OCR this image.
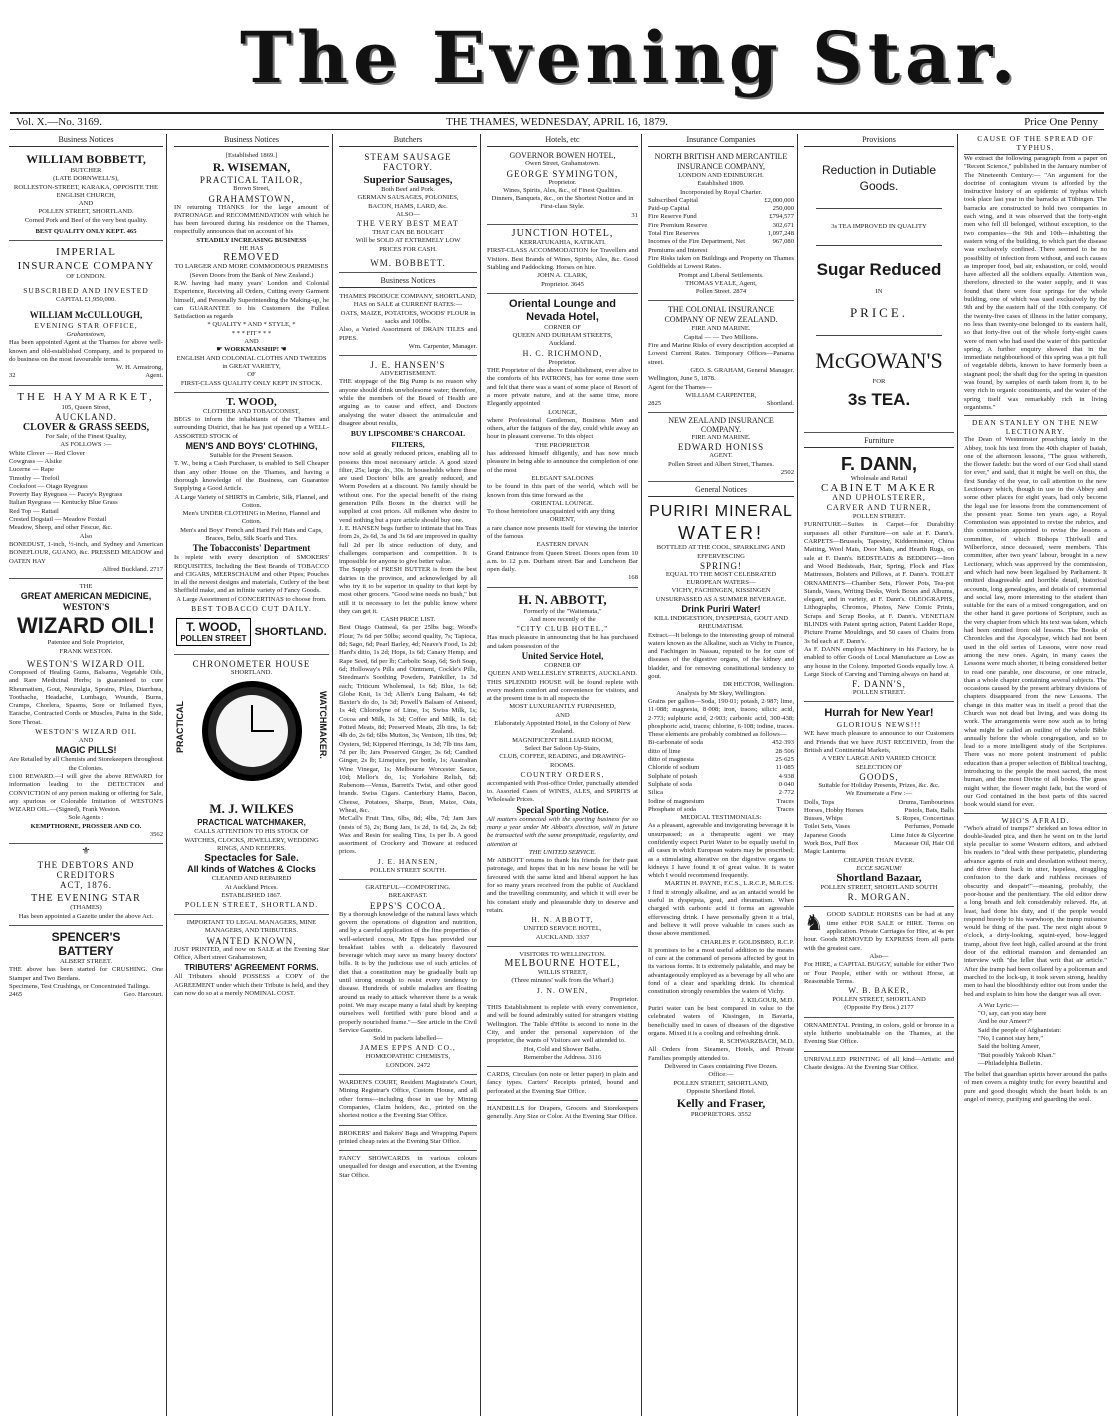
The Evening Star.
Vol. X.—No. 3169.	THE THAMES, WEDNESDAY, APRIL 16, 1879.	Price One Penny
Business Notices
WILLIAM BOBBETT,
BUTCHER
(LATE DORNWELL'S),
ROLLESTON-STREET, KARAKA, OPPOSITE THE ENGLISH CHURCH,
AND
POLLEN STREET, SHORTLAND.
Corned Pork and Beef of the very best quality.
BEST QUALITY ONLY KEPT. 465
IMPERIAL
INSURANCE COMPANY
OF LONDON.
SUBSCRIBED AND INVESTED
CAPITAL £1,950,000.
WILLIAM McCULLOUGH,
EVENING STAR OFFICE,
Grahamstown,
Has been appointed Agent at the Thames for above well-known and old-established Company, and is prepared to do business on the most favourable terms.
W. H. Armstrong,
32	Agent.
THE HAYMARKET,
105, Queen Street,
AUCKLAND.
CLOVER & GRASS SEEDS,
For Sale, of the Finest Quality,
AS FOLLOWS :—
White Clover — Red Clover
Cowgrass — Alsike
Lucerne — Rape
Timothy — Trefoil
Cocksfoot — Otago Ryegrass
Poverty Bay Ryegrass — Pacey's Ryegrass
Italian Ryegrass — Kentucky Blue Grass
Red Top — Rattail
Crested Dogstail — Meadow Foxtail
Meadow, Sheep, and other Fescue, &c.
Also
BONEDUST, 1-inch, ½-inch, and Sydney and American BONEFLOUR, GUANO, &c. PRESSED MEADOW and OATEN HAY
Alfred Buckland. 2717
THE
GREAT AMERICAN MEDICINE,
WESTON'S
WIZARD OIL!
Patentee and Sole Proprietor,
FRANK WESTON.
WESTON'S WIZARD OIL
Composed of Healing Gums, Balsams, Vegetable Oils, and Rare Medicinal Herbs; is guaranteed to cure Rheumatism, Gout, Neuralgia, Sprains, Piles, Diarrhœa, Toothache, Headache, Lumbago, Wounds, Burns, Cramps, Chorlera, Spasms, Sore or Inflamed Eyes, Earache, Contracted Cords or Muscles, Pains in the Side, Sore Throat.
WESTON'S WIZARD OIL
AND
MAGIC PILLS!
Are Retailed by all Chemists and Storekeepers throughout the Colonies.
£100 REWARD.—I will give the above REWARD for information leading to the DETECTION and CONVICTION of any person making or offering for Sale, any spurious or Colorable Imitation of WESTON'S WIZARD OIL.—(Signed), Frank Weston.
Sole Agents :
KEMPTHORNE, PROSSER AND CO.
3562
⚜
THE DEBTORS AND CREDITORS
ACT, 1876.
THE EVENING STAR
(THAMES)
Has been appointed a Gazette under the above Act.
SPENCER'S
BATTERY
ALBERT STREET.
THE above has been started for CRUSHING. One Stamper and Two Berdans.
Specimens, Test Crushings, or Concentrated Tailings.
2465	Geo. Harcourt.
Business Notices
[Established 1869.]
R. WISEMAN,
PRACTICAL TAILOR,
Brown Street,
GRAHAMSTOWN,
IN returning THANKS for the large amount of PATRONAGE and RECOMMENDATION with which he has been favoured during his residence on the Thames, respectfully announces that on account of his
STEADILY INCREASING BUSINESS
HE HAS
REMOVED
TO LARGER AND MORE COMMODIOUS PREMISES
(Seven Doors from the Bank of New Zealand.)
R.W. having had many years' London and Colonial Experience, Receiving all Orders, Cutting every Garment himself, and Personally Superintending the Making-up, he can GUARANTEE to his Customers the Fullest Satisfaction as regards
* QUALITY * AND * STYLE, *
* * * FIT * * *
AND
☛ WORKMANSHIP! ☚
ENGLISH AND COLONIAL CLOTHS AND TWEEDS in GREAT VARIETY,
OF
FIRST-CLASS QUALITY ONLY KEPT IN STOCK.
T. WOOD,
CLOTHIER AND TOBACCONIST,
BEGS to inform the inhabitants of the Thames and surrounding District, that he has just opened up a WELL-ASSORTED STOCK of
MEN'S AND BOYS' CLOTHING,
Suitable for the Present Season.
T. W., being a Cash Purchaser, is enabled to Sell Cheaper than any other House on the Thames, and having a thorough knowledge of the Business, can Guarantee Supplying a Good Article.
A Large Variety of SHIRTS in Cambric, Silk, Flannel, and Cotton.
Men's UNDER CLOTHING in Merino, Flannel and Cotton.
Men's and Boys' French and Hard Felt Hats and Caps, Braces, Belts, Silk Scarfs and Ties.
The Tobacconists' Department
Is replete with every description of SMOKERS' REQUISITES, Including the Best Brands of TOBACCO and CIGARS, MEERSCHAUM and other Pipes; Pouches in all the newest designs and materials, Cutlery of the best Sheffield make, and an infinite variety of Fancy Goods.
A Large Assortment of CONCERTINAS to choose from.
BEST TOBACCO CUT DAILY.
T. WOOD,
POLLEN STREET
SHORTLAND.
CHRONOMETER HOUSE
SHORTLAND.
PRACTICAL	WATCHMAKER.
M. J. WILKES
PRACTICAL WATCHMAKER,
CALLS ATTENTION TO HIS STOCK OF
WATCHES, CLOCKS, JEWELLERY, WEDDING RINGS, AND KEEPERS.
Spectacles for Sale.
All kinds of Watches & Clocks
CLEANED AND REPAIRED
At Auckland Prices.
ESTABLISHED 1867.
POLLEN STREET, SHORTLAND.
IMPORTANT TO LEGAL MANAGERS, MINE MANAGERS, AND TRIBUTERS.
WANTED KNOWN,
JUST PRINTED, and now on SALE at the Evening Star Office, Albert street Grahamstown,
TRIBUTERS' AGREEMENT FORMS.
All Tributers should POSSESS a COPY of the AGREEMENT under which their Tribute is held, and they can now do so at a merely NOMINAL COST.
Butchers
STEAM SAUSAGE FACTORY.
Superior Sausages,
Both Beef and Pork.
GERMAN SAUSAGES, POLONIES,
BACON, HAMS, LARD, &c.
ALSO—
THE VERY BEST MEAT
THAT CAN BE BOUGHT
Will be SOLD AT EXTREMELY LOW
PRICES FOR CASH.
WM. BOBBETT.
Business Notices
THAMES PRODUCE COMPANY, SHORTLAND,
HAS on SALE at CURRENT RATES:—
OATS, MAIZE, POTATOES, WOODS' FLOUR in sacks and 100lbs.
Also, a Varied Assortment of DRAIN TILES and PIPES.
Wm. Carpenter, Manager.
J. E. HANSEN'S
ADVERTISEMENT.
THE stoppage of the Big Pump is no reason why anyone should drink unwholesome water; therefore, while the members of the Board of Health are arguing as to cause and effect, and Doctors analysing the water dissect the animalculæ and disagree about results,
BUY LIPSCOMBE'S CHARCOAL FILTERS,
now sold at greatly reduced prices, enabling all to possess this most necessary article. A good sized filter, 25s; large do., 30s. In households where these are used Doctors' bills are greatly reduced, and Worm Powders at a discount. No family should be without one. For the special benefit of the rising generation Pills Boxes in the district will be supplied at cost prices. All milkmen who desire to vend nothing but a pure article should buy one.
J. E. HANSEN begs further to intimate that his Teas from 2s, 2s 6d, 3s and 3s 6d are improved in quality full 2d per lb since reduction of duty, and challenges comparison and competition. It is impossible for anyone to give better value.
The Supply of FRESH BUTTER is from the best dairies in the province, and acknowledged by all who try it to be superior in quality to that kept by most other grocers. "Good wine needs no bush," but still it is necessary to let the public know where they can get it.
CASH PRICE LIST.
Best Otago Oatmeal, 6s per 25lbs bag; Wood's Flour, 7s 6d per 50lbs; second quality, 7s; Tapioca, 8d; Sago, 6d; Pearl Barley, 4d; Neave's Food, 1s 2d; Hard's ditto, 1s 2d; Hops, 1s 6d; Canary Hemp, and Rape Seed, 6d per lb; Carbolic Soap, 6d; Soft Soap, 6d; Holloway's Pills and Ointment, Cockle's Pills, Steedman's Soothing Powders, Painkiller, 1s 3d each; Triticum Wholemeal, 1s 6d; Blue, 1s 6d; Globe Knit, 1s 3d; Allen's Lung Balsam, 4s 6d; Baxter's do do, 1s 3d; Powell's Balsam of Aniseed, 1s 4d; Chlorodyne of Lime, 1s; Swiss Milk, 1s; Cocoa and Milk, 1s 3d; Coffee and Milk, 1s 6d; Potted Meats, 8d; Preserved Meats, 2lb tins, 1s 6d; 4lb do, 2s 6d; 6lbs Mutton, 3s; Venison, 1lb tins, 9d; Oysters, 9d; Kippered Herrings, 1s 3d; 7lb tins Jam, 7d per lb; Jars Preserved Ginger, 3s 6d; Candied Ginger, 2s lb; Limejuice, per bottle, 1s; Australian Wine Vinegar, 1s; Melbourne Worcester Sauce, 10d; Mellor's do, 1s; Yorkshire Relish, 6d; Rubenom—Venus, Barrett's Twist, and other good brands. Swiss Cigars. Canterbury Hams, Bacon, Cheese, Potatoes, Sharps, Bran, Maize, Oats, Wheat, &c.
McCall's Fruit Tins, 6lbs, 8d; 4lbs, 7d; Jam Jars (nests of 5), 2s; Bung Jars, 1s 2d, 1s 6d, 2s, 2s 6d; Wax and Resin for sealing Tins, 1s per lb. A good assortment of Crockery and Tinware at reduced prices.
J. E. HANSEN,
POLLEN STREET SOUTH.
GRATEFUL—COMFORTING.
BREAKFAST.
EPPS'S COCOA.
By a thorough knowledge of the natural laws which govern the operations of digestion and nutrition, and by a careful application of the fine properties of well-selected cocoa, Mr Epps has provided our breakfast tables with a delicately flavoured beverage which may save us many heavy doctors' bills. It is by the judicious use of such articles of diet that a constitution may be gradually built up until strong enough to resist every tendency to disease. Hundreds of subtle maladies are floating around us ready to attack wherever there is a weak point. We may escape many a fatal shaft by keeping ourselves well fortified with pure blood and a properly nourished frame."—See article in the Civil Service Gazette.
Sold in packets labelled—
JAMES EPPS AND CO.,
HOMŒOPATHIC CHEMISTS,
LONDON. 2472
WARDEN'S COURT, Resident Magistrate's Court, Mining Registrar's Office, Custom House, and all other forms—including those in use by Mining Companies, Claim holders, &c., printed on the shortest notice a the Evening Star Office.
BROKERS' and Bakers' Bags and Wrapping Papers printed cheap rates at the Evening Star Office.
FANCY SHOWCARDS in various colours unequalled for design and execution, at the Evening Star Office.
Hotels, etc
GOVERNOR BOWEN HOTEL,
Owen Street, Grahamstown.
GEORGE SYMINGTON,
Proprietor.
Wines, Spirits, Ales, &c., of Finest Qualities.
Dinners, Banquets, &c., on the Shortest Notice and in First-class Style.
31
JUNCTION HOTEL,
KERRATUKAHIA, KATIKATI.
FIRST-CLASS ACCOMMODATION for Travellers and Visitors. Best Brands of Wines, Spirits, Ales, &c. Good Stabling and Paddocking. Horses on hire.
JOHN A. CLARK,
Proprietor. 3645
Oriental Lounge and
Nevada Hotel,
CORNER OF
QUEEN AND DURHAM STREETS,
Auckland.
H. C. RICHMOND,
Proprietor.
THE Proprietor of the above Establishment, ever alive to the comforts of his PATRONS, has for some time seen and felt that there was a want of some place of Resort of a more private nature, and at the same time, more Elegantly appointed
LOUNGE,
where Professional Gentlemen, Business Men and others, after the fatigues of the day, could while away an hour in pleasant converse. To this object
THE PROPRIETOR
has addressed himself diligently, and has now much pleasure in being able to announce the completion of one of the most
ELEGANT SALOONS
to be found in this part of the world, which will be known from this time forward as the
ORIENTAL LOUNGE.
To those heretofore unacquainted with any thing
ORIENT,
a rare chance now presents itself for viewing the interior of the famous
EASTERN DIVAN
Grand Entrance from Queen Street. Doors open from 10 a.m. to 12 p.m. Durham street Bar and Luncheon Bar open daily.
168
H. N. ABBOTT,
Formerly of the "Waitemata,"
And more recently of the
"CITY CLUB HOTEL,"
Has much pleasure in announcing that he has purchased and taken possession of the
United Service Hotel,
CORNER OF
QUEEN AND WELLESLEY STREETS, AUCKLAND.
THIS SPLENDID HOUSE will be found replete with every modern comfort and convenience for visitors, and at the present time is in all respects the
MOST LUXURIANTLY FURNISHED,
AND
Elaborately Appointed Hotel, in the Colony of New Zealand.
MAGNIFICENT BILLIARD ROOM,
Select Bar Saloon Up-Stairs,
CLUB, COFFEE, READING, and DRAWING-ROOMS.
COUNTRY ORDERS,
accompanied with Post-office Order, punctually attended to. Assorted Cases of WINES, ALES, and SPIRITS at Wholesale Prices.
Special Sporting Notice.
All matters connected with the sporting business for so many a year under Mr Abbott's direction, will in future be transacted with the same promptitude, regularity, and attention at
THE UNITED SERVICE.
Mr ABBOTT returns to thank his friends for their past patronage, and hopes that in his new house he will be favoured with the same kind and liberal support he has for so many years received from the public of Auckland and the travelling community, and which it will ever be his constant study and pleasurable duty to deserve and retain.
H. N. ABBOTT,
UNITED SERVICE HOTEL,
AUCKLAND. 3337
VISITORS TO WELLINGTON.
MELBOURNE HOTEL,
WILLIS STREET,
(Three minutes' walk from the Wharf.)
J. N. OWEN,
Proprietor.
THIS Establishment is replete with every convenience, and will be found admirably suited for strangers visiting Wellington. The Table d'Hôte is second to none in the City, and under the personal supervision of the proprietor, the wants of Visitors are well attended to.
Hot, Cold and Shower Baths.
Remember the Address. 3116
CARDS, Circulars (on note or letter paper) in plain and fancy types. Carters' Receipts printed, bound and perforated at the Evening Star Office.
HANDBILLS for Drapers, Grocers and Storekeepers generally. Any Size or Color. At the Evening Star Office.
Insurance Companies
NORTH BRITISH AND MERCANTILE INSURANCE COMPANY,
LONDON AND EDINBURGH.
Established 1809.
Incorporated by Royal Charter.
Subscribed Capital	£2,000,000
Paid-up Capital	250,000
Fire Reserve Fund	£794,577
Fire Premium Reserve	302,671
Total Fire Reserves	1,097,248
Incomes of the Fire Department, Net Premiums and Interest
967,080
Fire Risks taken on Buildings and Property on Thames Goldfields at Lowest Rates.
Prompt and Liberal Settlements.
THOMAS VEALE, Agent,
Pollen Street. 2874
THE COLONIAL INSURANCE COMPANY OF NEW ZEALAND.
FIRE AND MARINE.
Capital — — Two Millions.
Fire and Marine Risks of every description accepted at Lowest Current Rates. Temporary Offices—Panama street.
GEO. S. GRAHAM, General Manager.
Wellington, June 5, 1878.
Agent for the Thames—
WILLIAM CARPENTER,
2825	Shortland.
NEW ZEALAND INSURANCE COMPANY.
FIRE AND MARINE.
EDWARD HONISS
AGENT.
Pollen Street and Albert Street, Thames.
2502
General Notices
PURIRI MINERAL
WATER!
BOTTLED AT THE COOL, SPARKLING AND EFFERVESCING
SPRING!
EQUAL TO THE MOST CELEBRATED EUROPEAN WATERS—
VICHY, FACHINGEN, KISSINGEN
UNSURPASSED AS A SUMMER BEVERAGE.
Drink Puriri Water!
KILL INDIGESTION, DYSPEPSIA, GOUT AND RHEUMATISM.
Extract.—It belongs to the interesting group of mineral waters known as the Alkaline, such as Vichy in France, and Fachingen in Nassau, reputed to be for cure of diseases of the digestive organs, of the kidney and bladder, and for removing constitutional tendency to gout.
DR HECTOR, Wellington.
Analysis by Mr Skey, Wellington.
Grains per gallon—Soda, 190·01; potash, 2·987; lime, 11·088; magnesia, 8·008; iron, traces; silicic acid, 2·773; sulphuric acid, 2·903; carbonic acid, 300·438; phosphoric acid, traces; chlorine, 6·108; iodine, traces. These elements are probably combined as follows—
Bi-carbonate of soda	452·393
ditto of lime	28·506
ditto of magnesia	25·625
Chloride of sodium	11·085
Sulphate of potash	4·938
Sulphate of soda	0·040
Silica	2·772
Iodine of magnesium	Traces
Phosphate of soda	Traces
MEDICAL TESTIMONIALS:
As a pleasant, agreeable and invigorating beverage it is unsurpassed; as a therapeutic agent we may confidently expect Puriri Water to be equally useful in all cases in which European waters may be prescribed; as a stimulating alterative on the digestive organs to kidneys I have found it of great value. It is water which I would recommend frequently.
MARTIN H. PAYNE, F.C.S., L.R.C.P., M.R.C.S.
I find it strongly alkaline, and as an antacid would be useful in dyspepsia, gout, and rheumatism. When charged with carbonic acid it forms an agreeable effervescing drink. I have personally given it a trial, and believe it will prove valuable in cases such as those above mentioned.
CHARLES F. GOLDSBRO, R.C.P.
It promises to be a most useful addition to the means of cure at the command of persons affected by gout in its various forms. It is extremely palatable, and may be advantageously employed as a beverage by all who are fond of a clear and sparkling drink. Its chemical constitution strongly resembles the waters of Vichy.
J. KILGOUR, M.D.
Puriri water can be best compared in value to the celebrated waters of Kissingen, in Bavaria, beneficially used in cases of diseases of the digestive organs. Mixed it is a cooling and refreshing drink.
R. SCHWARZBACH, M.D.
All Orders from Steamers, Hotels, and Private Families promptly attended to.
Delivered in Cases containing Five Dozen.
Office:—
POLLEN STREET, SHORTLAND,
Opposite Shortland Hotel.
Kelly and Fraser,
PROPRIETORS. 3552
Provisions
Reduction in Dutiable
Goods.
3s TEA IMPROVED IN QUALITY
Sugar Reduced
IN
PRICE.
McGOWAN'S
FOR
3s TEA.
Furniture
F. DANN,
Wholesale and Retail
CABINET MAKER
AND UPHOLSTERER,
CARVER AND TURNER,
POLLEN STREET.
FURNITURE—Suites in Carpet—for Durability surpasses all other Furniture—on sale at F. Dann's. CARPETS—Brussels, Tapestry, Kidderminster, China Matting, Wool Mats, Door Mats, and Hearth Rugs, on sale at F. Dann's. BEDSTEADS & BEDDING—Iron and Wood Bedsteads, Hair, Spring, Flock and Flax Mattresses, Bolsters and Pillows, at F. Dann's. TOILET ORNAMENTS—Chamber Sets, Flower Pots, Tea-pot Stands, Vases, Writing Desks, Work Boxes and Albums, elegant, and in variety, at F. Dann's. OLEOGRAPHS, Lithographs, Chromos, Photos, New Comic Prints, Scraps and Scrap Books, at F. Dann's. VENETIAN BLINDS with Patent spring action, Patent Ladder Rope, Picture Frame Mouldings, and 50 cases of Chairs from 3s 6d each at F. Dann's.
As F. DANN employs Machinery in his Factory, he is enabled to offer Goods of Local Manufacture as Low as any house in the Colony. Imported Goods equally low. A Large Stock of Carving and Turning always on hand at
F. DANN'S,
POLLEN STREET.
Hurrah for New Year!
GLORIOUS NEWS!!!
WE have much pleasure to announce to our Customers and Friends that we have JUST RECEIVED, from the British and Continental Markets,
A VERY LARGE AND VARIED CHOICE SELECTION OF
GOODS,
Suitable for Holiday Presents, Prizes, &c. &c.
We Enumerate a Few :—
Dolls, Tops	Drums, Tambourines
Horses, Hobby Horses	Pistols, Bats, Balls
Busses, Whips	S. Ropes, Concertinas
Toilet Sets, Vases	Perfumes, Pomade
Japanese Goods	Lime Juice & Glycerine
Work Box, Puff Box	Macassar Oil, Hair Oil
Magic Lanterns
CHEAPER THAN EVER.
ECCE SIGNUM!
Shortland Bazaar,
POLLEN STREET, SHORTLAND SOUTH
R. MORGAN.
♞ GOOD SADDLE HORSES can be had at any time either FOR SALE or HIRE. Terms on application. Private Carriages for Hire, at 4s per hour. Goods REMOVED by EXPRESS from all parts with the greatest care.
Also—
For HIRE, a CAPITAL BUGGY, suitable for either Two or Four People, either with or without Horse, at Reasonable Terms.
W. B. BAKER,
POLLEN STREET, SHORTLAND
(Opposite Fry Bros.) 2177
ORNAMENTAL Printing, in colors, gold or bronze in a style hitherto unobtainable on the Thames, at the Evening Star Office.
UNRIVALLED PRINTING of all kind—Artistic and Chaste designs. At the Evening Star Office.
CAUSE OF THE SPREAD OF TYPHUS.
We extract the following paragraph from a paper on "Recent Science," published in the January number of The Nineteenth Century:— "An argument for the doctrine of contagium vivum is afforded by the instructive history of an epidemic of typhus which took place last year in the barracks at Tübingen. The barracks are constructed to hold two companies in each wing, and it was observed that the forty-eight men who fell ill belonged, without exception, to the two companies—the 9th and 10th—inhabiting the eastern wing of the building, to which part the disease was exclusively confined. There seemed to be no possibility of infection from without, and such causes as improper food, bad air, exhaustion, or cold, would have affected all the soldiers equally. Attention was, therefore, directed to the water supply, and it was found that there were four springs for the whole building, one of which was used exclusively by the 9th and by the eastern half of the 10th company. Of the twenty-five cases of illness in the latter company, no less than twenty-one belonged to its eastern half, so that forty-five out of the whole forty-eight cases were of men who had used the water of this particular spring. A further enquiry showed that in the immediate neighbourhood of this spring was a pit full of vegetable débris, known to have formerly been a stagnant pool; the shaft dug for the spring in question was found, by samples of earth taken from it, to be very rich in organic constituents, and the water of the spring itself was remarkably rich in living organisms."
DEAN STANLEY ON THE NEW LECTIONARY.
The Dean of Westminster preaching lately in the Abbey, took his text from the 40th chapter of Isaiah, one of the afternoon lessons, "The grass withereth, the flower fadeth: but the word of our God shall stand for ever," and said, that it might be well on this, the first Sunday of the year, to call attention to the new Lectionary which, though in use in the Abbey and some other places for eight years, had only become the legal use for lessons from the commencement of the present year. Some ten years ago, a Royal Commission was appointed to revise the rubrics, and this commission appointed to revise the lessons a committee, of which Bishops Thirlwall and Wilberforce, since deceased, were members. This committee, after two years' labour, brought in a new Lectionary, which was approved by the commission, and which had now been legalised by Parliament. It omitted disagreeable and horrible detail, historical accounts, long genealogies, and details of ceremonial and social law, more interesting to the student than suitable for the ears of a mixed congregation, and on the other hand it gave portions of Scripture, such as the very chapter from which his text was taken, which had been omitted from old lessons. The Books of Chronicles and the Apocalypse, which had not been used in the old series of Lessons, were now read among the new ones. Again, in many cases the Lessons were much shorter, it being considered better to read one parable, one discourse, or one miracle, than a whole chapter containing several subjects. The occasions caused by the present arbitrary divisions of chapters disappeared from the new Lessons. The change in this matter was in itself a proof that the Church was not dead but living, and was doing its work. The arrangements were now such as to bring what might be called an outline of the whole Bible annually before the whole congregation, and so to lead to a more intelligent study of the Scriptures. There was no more potent instrument of public education than a proper selection of Biblical teaching, introducing to the people the most sacred, the most human, and the most Divine of all books. The grass might wither, the flower might fade, but the word of our God contained in the best parts of this sacred book would stand for ever.
WHO'S AFRAID.
"Who's afraid of tramps?" shrieked an Iowa editor in double-leaded pica, and then he went on in the lurid style peculiar to some Western editors, and advised his readers to "deal with these peripatetic, plundering advance agents of ruin and desolation without mercy, and drive them back in utter, hopeless, straggling confusion to the dark and ruthless recesses of obscurity and despair!"—meaning, probably, the poor-house and the penitentiary. The old editor drew a long breath and felt considerably relieved. He, at least, had done his duty, and if the people would respond bravely to his warwhoop, the tramp nuisance would be thing of the past. The next night about 9 o'clock, a dirty-looking, squint-eyed, bow-legged tramp, about five feet high, called around at the front door of the editorial mansion and demanded an interview with "the feller that writ that air article." After the tramp had been collared by a policeman and marched to the lock-up, it took seven strong, healthy men to haul the bloodthirsty editor out from under the bed and explain to him how the danger was all over.
A War Lyric:—
"O, say, can you stay here
And be our Ameer?"
Said the people of Afghanistan:
"No, I cannot stay here,"
Said the bolting Ameer,
"But possibly Yakoob Khan."
—Philadelphia Bulletin.
The belief that guardian spirits hover around the paths of men covers a mighty truth; for every beautiful and pure and good thought which the heart holds is an angel of mercy, purifying and guarding the soul.
